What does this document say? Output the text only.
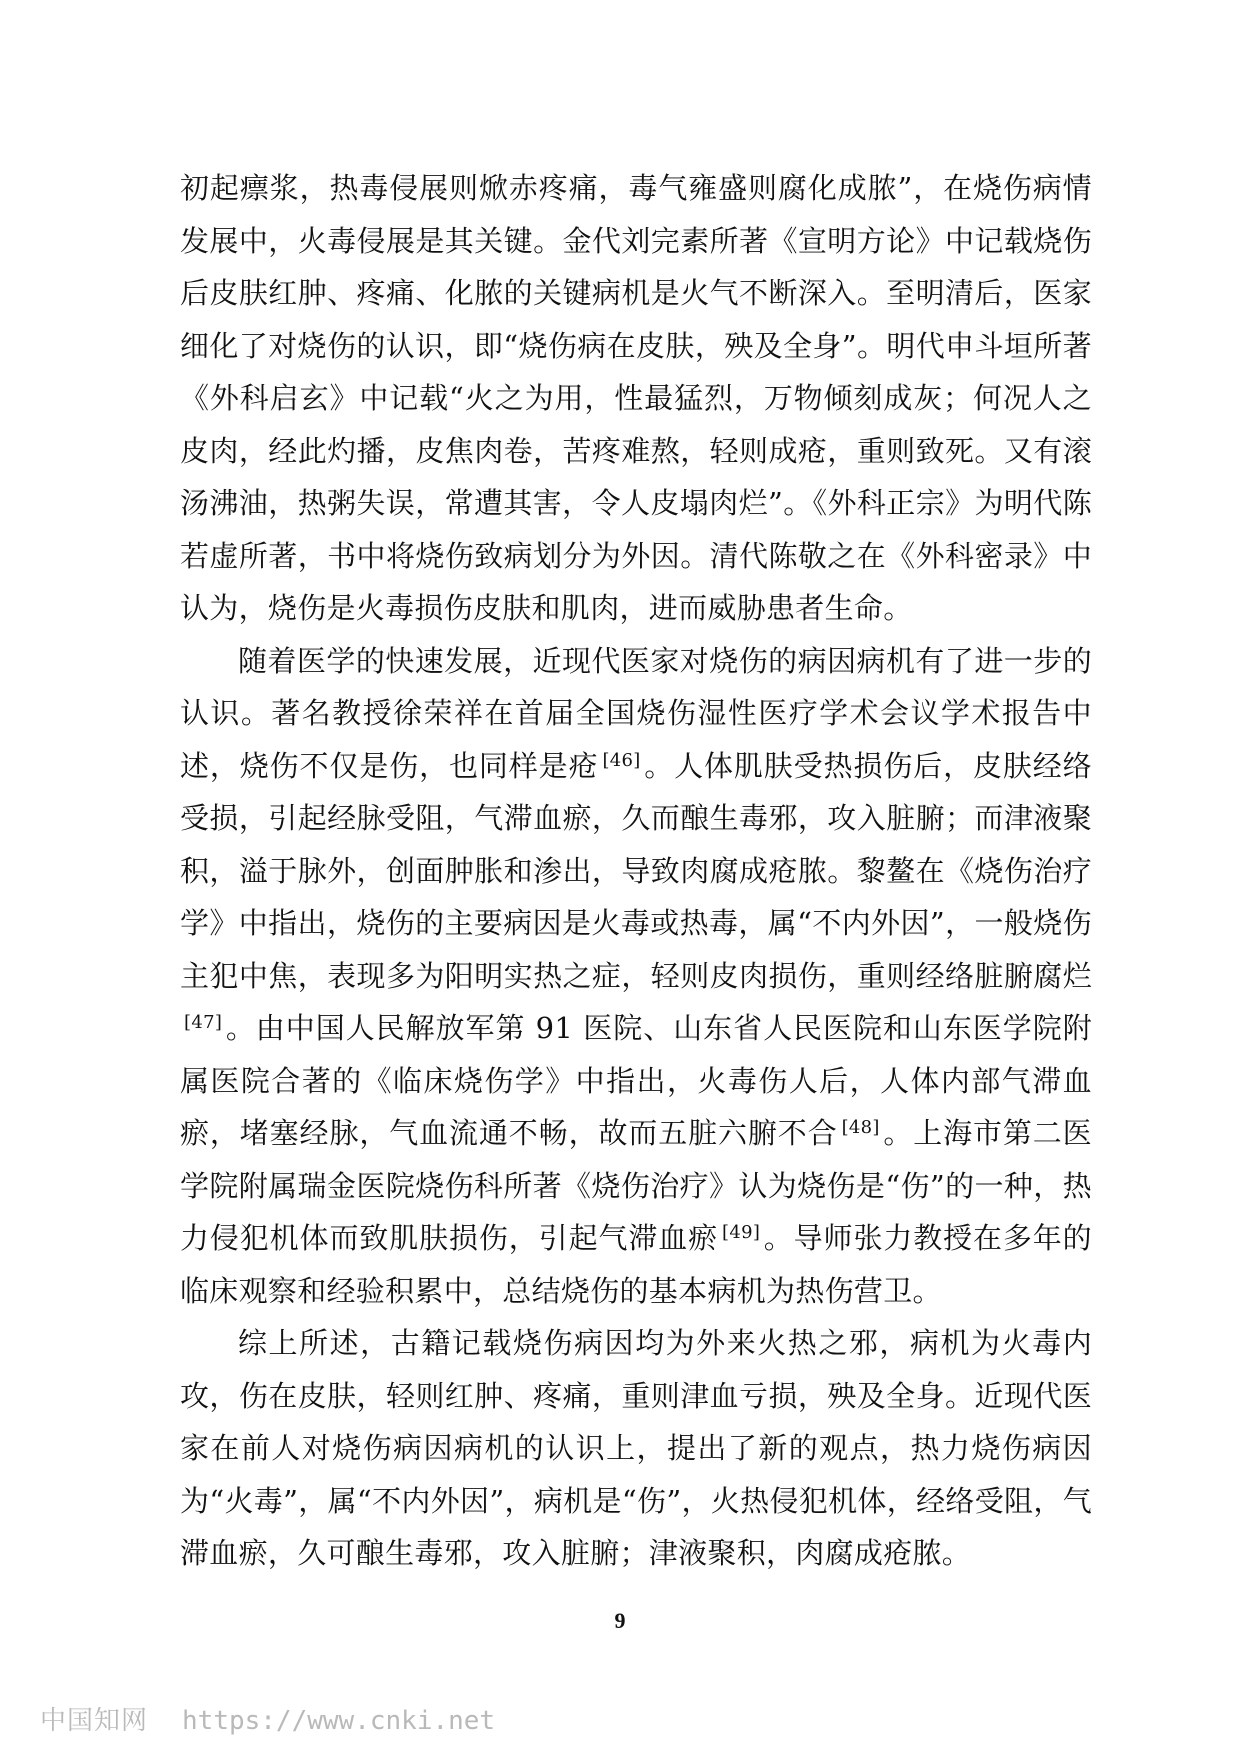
初起瘭浆，热毒侵展则焮赤疼痛，毒气雍盛则腐化成脓”，在烧伤病情发展中，火毒侵展是其关键。金代刘完素所著《宣明方论》中记载烧伤后皮肤红肿、疼痛、化脓的关键病机是火气不断深入。至明清后，医家细化了对烧伤的认识，即“烧伤病在皮肤，殃及全身”。明代申斗垣所著《外科启玄》中记载“火之为用，性最猛烈，万物倾刻成灰；何况人之皮肉，经此灼播，皮焦肉卷，苦疼难熬，轻则成疮，重则致死。又有滚汤沸油，热粥失误，常遭其害，令人皮塌肉烂”。《外科正宗》为明代陈若虚所著，书中将烧伤致病划分为外因。清代陈敬之在《外科密录》中认为，烧伤是火毒损伤皮肤和肌肉，进而威胁患者生命。

随着医学的快速发展，近现代医家对烧伤的病因病机有了进一步的认识。著名教授徐荣祥在首届全国烧伤湿性医疗学术会议学术报告中述，烧伤不仅是伤，也同样是疮 [46] 。人体肌肤受热损伤后，皮肤经络受损，引起经脉受阻，气滞血瘀，久而酿生毒邪，攻入脏腑；而津液聚积，溢于脉外，创面肿胀和渗出，导致肉腐成疮脓。黎鳌在《烧伤治疗学》中指出，烧伤的主要病因是火毒或热毒，属“不内外因”，一般烧伤主犯中焦，表现多为阳明实热之症，轻则皮肉损伤，重则经络脏腑腐烂[47] 。由中国人民解放军第 91 医院、山东省人民医院和山东医学院附属医院合著的《临床烧伤学》中指出，火毒伤人后，人体内部气滞血瘀，堵塞经脉，气血流通不畅，故而五脏六腑不合 [48] 。上海市第二医学院附属瑞金医院烧伤科所著《烧伤治疗》认为烧伤是“伤”的一种，热力侵犯机体而致肌肤损伤，引起气滞血瘀 [49] 。导师张力教授在多年的临床观察和经验积累中，总结烧伤的基本病机为热伤营卫。

综上所述，古籍记载烧伤病因均为外来火热之邪，病机为火毒内攻，伤在皮肤，轻则红肿、疼痛，重则津血亏损，殃及全身。近现代医家在前人对烧伤病因病机的认识上，提出了新的观点，热力烧伤病因为“火毒”，属“不内外因”，病机是“伤”，火热侵犯机体，经络受阻，气滞血瘀，久可酿生毒邪，攻入脏腑；津液聚积，肉腐成疮脓。

9
中国知网 https://www.cnki.net
